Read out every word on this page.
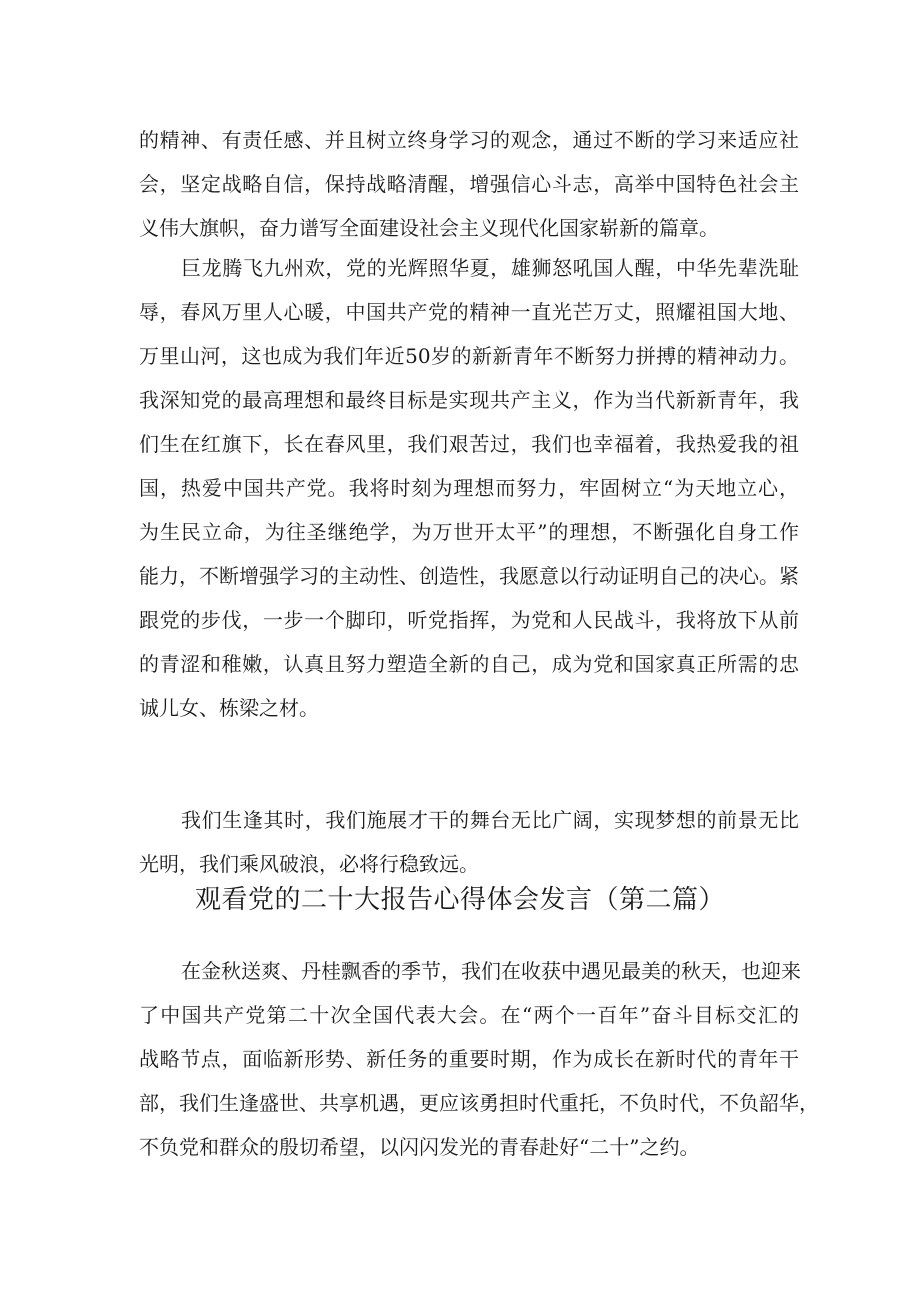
的精神、有责任感、并且树立终身学习的观念，通过不断的学习来适应社
会，坚定战略自信，保持战略清醒，增强信心斗志，高举中国特色社会主
义伟大旗帜，奋力谱写全面建设社会主义现代化国家崭新的篇章。
巨龙腾飞九州欢，党的光辉照华夏，雄狮怒吼国人醒，中华先辈洗耻
辱，春风万里人心暖，中国共产党的精神一直光芒万丈，照耀祖国大地、
万里山河，这也成为我们年近50岁的新新青年不断努力拼搏的精神动力。
我深知党的最高理想和最终目标是实现共产主义，作为当代新新青年，我
们生在红旗下，长在春风里，我们艰苦过，我们也幸福着，我热爱我的祖
国，热爱中国共产党。我将时刻为理想而努力，牢固树立“为天地立心，
为生民立命，为往圣继绝学，为万世开太平”的理想，不断强化自身工作
能力，不断增强学习的主动性、创造性，我愿意以行动证明自己的决心。紧
跟党的步伐，一步一个脚印，听党指挥，为党和人民战斗，我将放下从前
的青涩和稚嫩，认真且努力塑造全新的自己，成为党和国家真正所需的忠
诚儿女、栋梁之材。
我们生逢其时，我们施展才干的舞台无比广阔，实现梦想的前景无比
光明，我们乘风破浪，必将行稳致远。
观看党的二十大报告心得体会发言（第二篇）
在金秋送爽、丹桂飘香的季节，我们在收获中遇见最美的秋天，也迎来
了中国共产党第二十次全国代表大会。在“两个一百年”奋斗目标交汇的
战略节点，面临新形势、新任务的重要时期，作为成长在新时代的青年干
部，我们生逢盛世、共享机遇，更应该勇担时代重托，不负时代，不负韶华，
不负党和群众的殷切希望，以闪闪发光的青春赴好“二十”之约。
